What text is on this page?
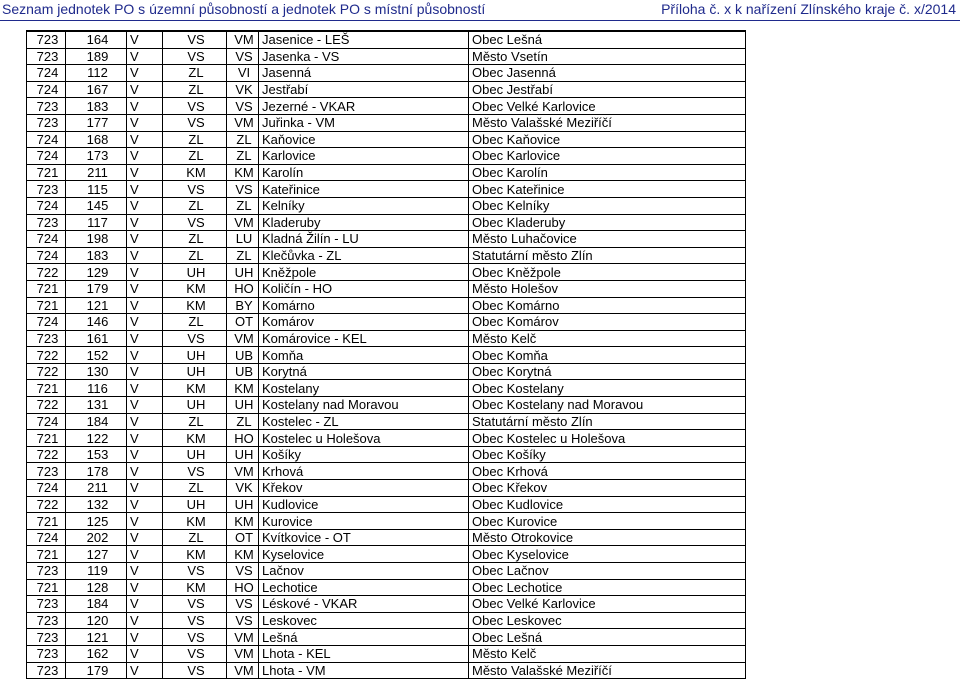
Seznam jednotek PO s územní působností a jednotek PO s místní působností	Příloha č. x k nařízení Zlínského kraje č. x/2014
723	164	V	VS	VM	Jasenice - LEŠ	Obec Lešná
723	189	V	VS	VS	Jasenka - VS	Město Vsetín
724	112	V	ZL	VI	Jasenná	Obec Jasenná
724	167	V	ZL	VK	Jestřabí	Obec Jestřabí
723	183	V	VS	VS	Jezerné - VKAR	Obec Velké Karlovice
723	177	V	VS	VM	Juřinka - VM	Město Valašské Meziříčí
724	168	V	ZL	ZL	Kaňovice	Obec Kaňovice
724	173	V	ZL	ZL	Karlovice	Obec Karlovice
721	211	V	KM	KM	Karolín	Obec Karolín
723	115	V	VS	VS	Kateřinice	Obec Kateřinice
724	145	V	ZL	ZL	Kelníky	Obec Kelníky
723	117	V	VS	VM	Kladeruby	Obec Kladeruby
724	198	V	ZL	LU	Kladná Žilín - LU	Město Luhačovice
724	183	V	ZL	ZL	Klečůvka - ZL	Statutární město Zlín
722	129	V	UH	UH	Kněžpole	Obec Kněžpole
721	179	V	KM	HO	Količín - HO	Město Holešov
721	121	V	KM	BY	Komárno	Obec Komárno
724	146	V	ZL	OT	Komárov	Obec Komárov
723	161	V	VS	VM	Komárovice - KEL	Město Kelč
722	152	V	UH	UB	Komňa	Obec Komňa
722	130	V	UH	UB	Korytná	Obec Korytná
721	116	V	KM	KM	Kostelany	Obec Kostelany
722	131	V	UH	UH	Kostelany nad Moravou	Obec Kostelany nad Moravou
724	184	V	ZL	ZL	Kostelec - ZL	Statutární město Zlín
721	122	V	KM	HO	Kostelec u Holešova	Obec Kostelec u Holešova
722	153	V	UH	UH	Košíky	Obec Košíky
723	178	V	VS	VM	Krhová	Obec Krhová
724	211	V	ZL	VK	Křekov	Obec Křekov
722	132	V	UH	UH	Kudlovice	Obec Kudlovice
721	125	V	KM	KM	Kurovice	Obec Kurovice
724	202	V	ZL	OT	Kvítkovice - OT	Město Otrokovice
721	127	V	KM	KM	Kyselovice	Obec Kyselovice
723	119	V	VS	VS	Lačnov	Obec Lačnov
721	128	V	KM	HO	Lechotice	Obec Lechotice
723	184	V	VS	VS	Léskové - VKAR	Obec Velké Karlovice
723	120	V	VS	VS	Leskovec	Obec Leskovec
723	121	V	VS	VM	Lešná	Obec Lešná
723	162	V	VS	VM	Lhota - KEL	Město Kelč
723	179	V	VS	VM	Lhota - VM	Město Valašské Meziříčí
